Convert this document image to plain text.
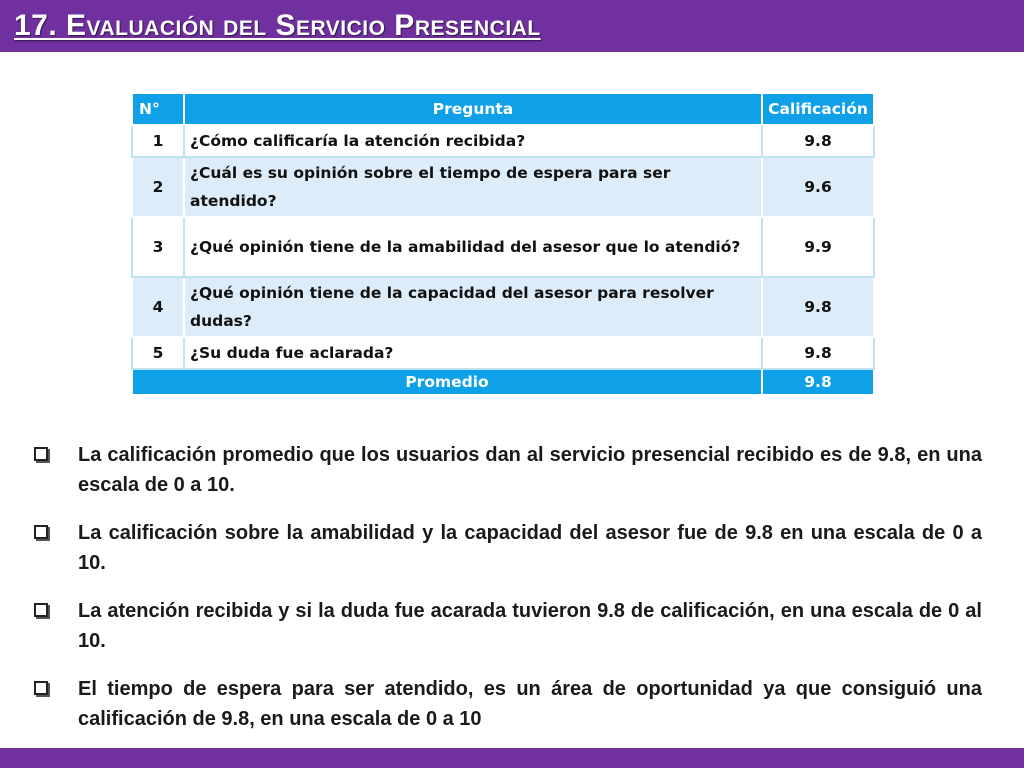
17. Evaluación del Servicio Presencial
N°	Pregunta	Calificación
1	¿Cómo calificaría la atención recibida?	9.8
2	¿Cuál es su opinión sobre el tiempo de espera para ser atendido?	9.6
3	¿Qué opinión tiene de la amabilidad del asesor que lo atendió?	9.9
4	¿Qué opinión tiene de la capacidad del asesor para resolver dudas?	9.8
5	¿Su duda fue aclarada?	9.8
Promedio		9.8
La calificación promedio que los usuarios dan al servicio presencial recibido es de 9.8, en una escala de 0 a 10.
La calificación sobre la amabilidad y la capacidad del asesor fue de 9.8 en una escala de 0 a 10.
La atención recibida y si la duda fue acarada tuvieron 9.8 de calificación, en una escala de 0 al 10.
El tiempo de espera para ser atendido, es un área de oportunidad ya que consiguió una calificación de 9.8, en una escala de 0 a 10
